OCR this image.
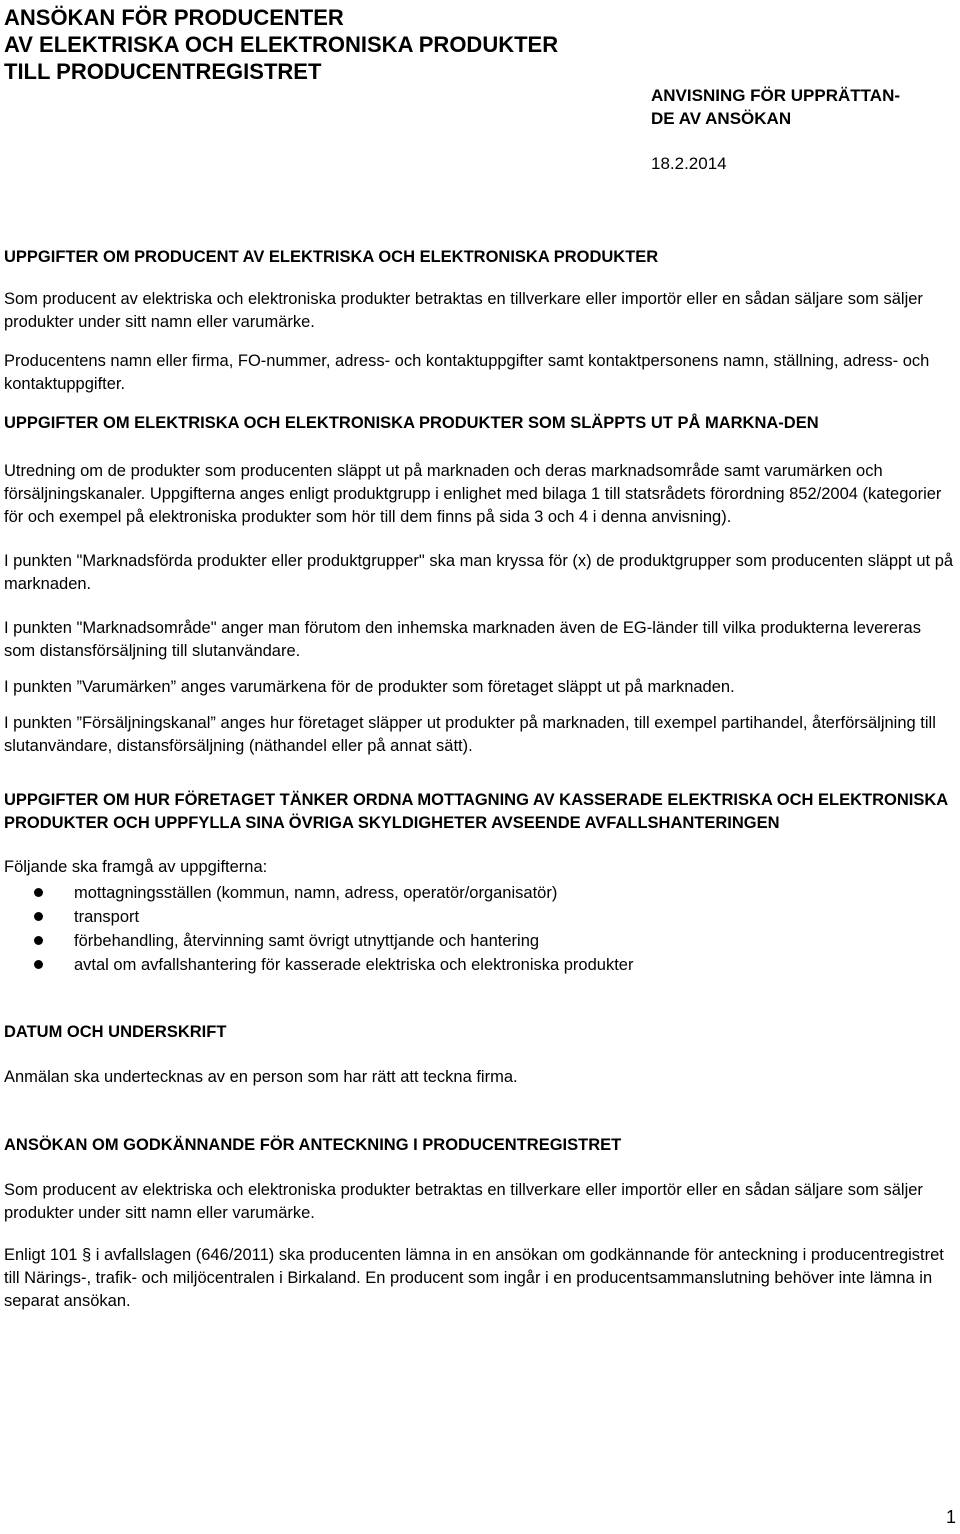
ANSÖKAN FÖR PRODUCENTER
AV ELEKTRISKA OCH ELEKTRONISKA PRODUKTER
TILL PRODUCENTREGISTRET
ANVISNING FÖR UPPRÄTTAN-
DE AV ANSÖKAN
18.2.2014

UPPGIFTER OM PRODUCENT AV ELEKTRISKA OCH ELEKTRONISKA PRODUKTER

Som producent av elektriska och elektroniska produkter betraktas en tillverkare eller importör eller en sådan säljare som säljer produkter under sitt namn eller varumärke.

Producentens namn eller firma, FO-nummer, adress- och kontaktuppgifter samt kontaktpersonens namn, ställning, adress- och kontaktuppgifter.

UPPGIFTER OM ELEKTRISKA OCH ELEKTRONISKA PRODUKTER SOM SLÄPPTS UT PÅ MARKNA-DEN

Utredning om de produkter som producenten släppt ut på marknaden och deras marknadsområde samt varumärken och försäljningskanaler. Uppgifterna anges enligt produktgrupp i enlighet med bilaga 1 till statsrådets förordning 852/2004 (kategorier för och exempel på elektroniska produkter som hör till dem finns på sida 3 och 4 i denna anvisning).

I punkten "Marknadsförda produkter eller produktgrupper" ska man kryssa för (x) de produktgrupper som producenten släppt ut på marknaden.

I punkten "Marknadsområde" anger man förutom den inhemska marknaden även de EG-länder till vilka produkterna levereras som distansförsäljning till slutanvändare.

I punkten ”Varumärken” anges varumärkena för de produkter som företaget släppt ut på marknaden.

I punkten ”Försäljningskanal” anges hur företaget släpper ut produkter på marknaden, till exempel partihandel, återförsäljning till slutanvändare, distansförsäljning (näthandel eller på annat sätt).

UPPGIFTER OM HUR FÖRETAGET TÄNKER ORDNA MOTTAGNING AV KASSERADE ELEKTRISKA OCH ELEKTRONISKA PRODUKTER OCH UPPFYLLA SINA ÖVRIGA SKYLDIGHETER AVSEENDE AVFALLSHANTERINGEN

Följande ska framgå av uppgifterna:

mottagningsställen (kommun, namn, adress, operatör/organisatör)
transport
förbehandling, återvinning samt övrigt utnyttjande och hantering
avtal om avfallshantering för kasserade elektriska och elektroniska produkter

DATUM OCH UNDERSKRIFT

Anmälan ska undertecknas av en person som har rätt att teckna firma.

ANSÖKAN OM GODKÄNNANDE FÖR ANTECKNING I PRODUCENTREGISTRET

Som producent av elektriska och elektroniska produkter betraktas en tillverkare eller importör eller en sådan säljare som säljer produkter under sitt namn eller varumärke.

Enligt 101 § i avfallslagen (646/2011) ska producenten lämna in en ansökan om godkännande för anteckning i producentregistret till Närings-, trafik- och miljöcentralen i Birkaland. En producent som ingår i en producentsammanslutning behöver inte lämna in separat ansökan.

1
